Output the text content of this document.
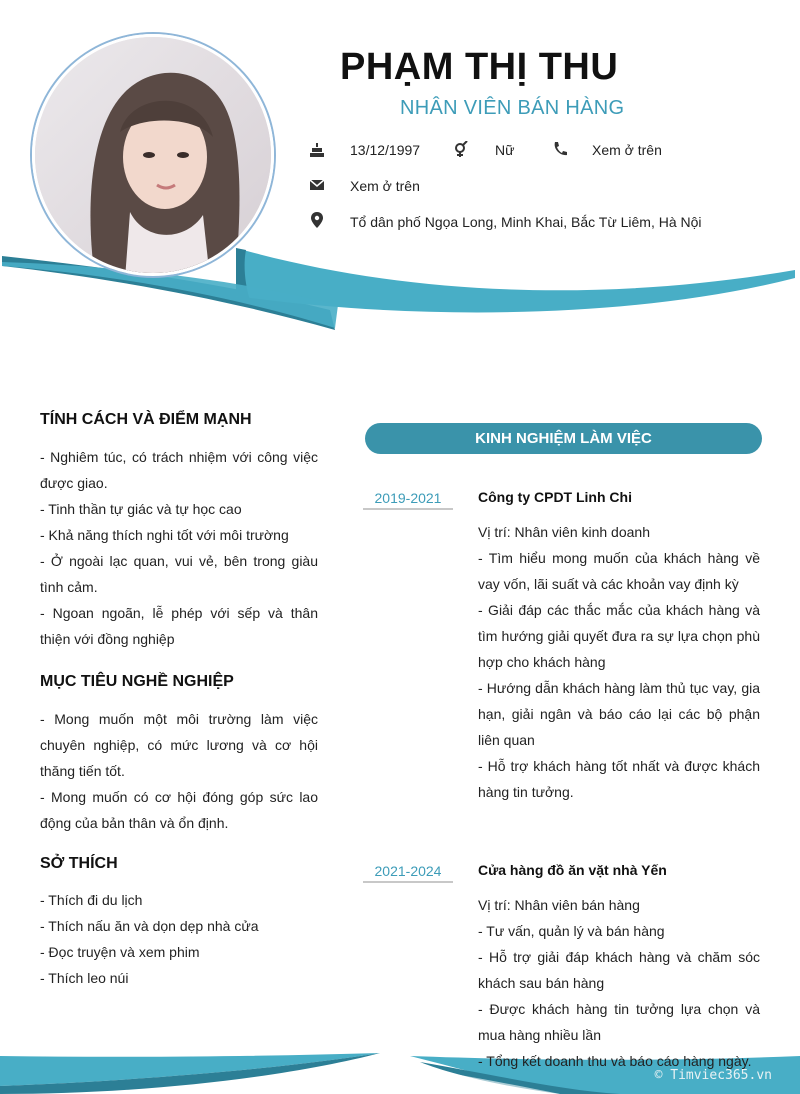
PHẠM THỊ THU
NHÂN VIÊN BÁN HÀNG
13/12/1997	Nữ	Xem ở trên
Xem ở trên
Tổ dân phố Ngọa Long, Minh Khai, Bắc Từ Liêm, Hà Nội
TÍNH CÁCH VÀ ĐIỂM MẠNH

- Nghiêm túc, có trách nhiệm với công việc được giao.

- Tinh thần tự giác và tự học cao

- Khả năng thích nghi tốt với môi trường

- Ở ngoài lạc quan, vui vẻ, bên trong giàu tình cảm.

- Ngoan ngoãn, lễ phép với sếp và thân thiện với đồng nghiệp

MỤC TIÊU NGHỀ NGHIỆP

- Mong muốn một môi trường làm việc chuyên nghiệp, có mức lương và cơ hội thăng tiến tốt.

- Mong muốn có cơ hội đóng góp sức lao động của bản thân và ổn định.

SỞ THÍCH

- Thích đi du lịch

- Thích nấu ăn và dọn dẹp nhà cửa

- Đọc truyện và xem phim

- Thích leo núi

KINH NGHIỆM LÀM VIỆC
2019-2021	Công ty CPDT Linh Chi

Vị trí: Nhân viên kinh doanh

- Tìm hiểu mong muốn của khách hàng về vay vốn, lãi suất và các khoản vay định kỳ

- Giải đáp các thắc mắc của khách hàng và tìm hướng giải quyết đưa ra sự lựa chọn phù hợp cho khách hàng

- Hướng dẫn khách hàng làm thủ tục vay, gia hạn, giải ngân và báo cáo lại các bộ phận liên quan

- Hỗ trợ khách hàng tốt nhất và được khách hàng tin tưởng.

2021-2024	Cửa hàng đồ ăn vặt nhà Yến

Vị trí: Nhân viên bán hàng

- Tư vấn, quản lý và bán hàng

- Hỗ trợ giải đáp khách hàng và chăm sóc khách sau bán hàng

- Được khách hàng tin tưởng lựa chọn và mua hàng nhiều lần

- Tổng kết doanh thu và báo cáo hàng ngày.

© Timviec365.vn
